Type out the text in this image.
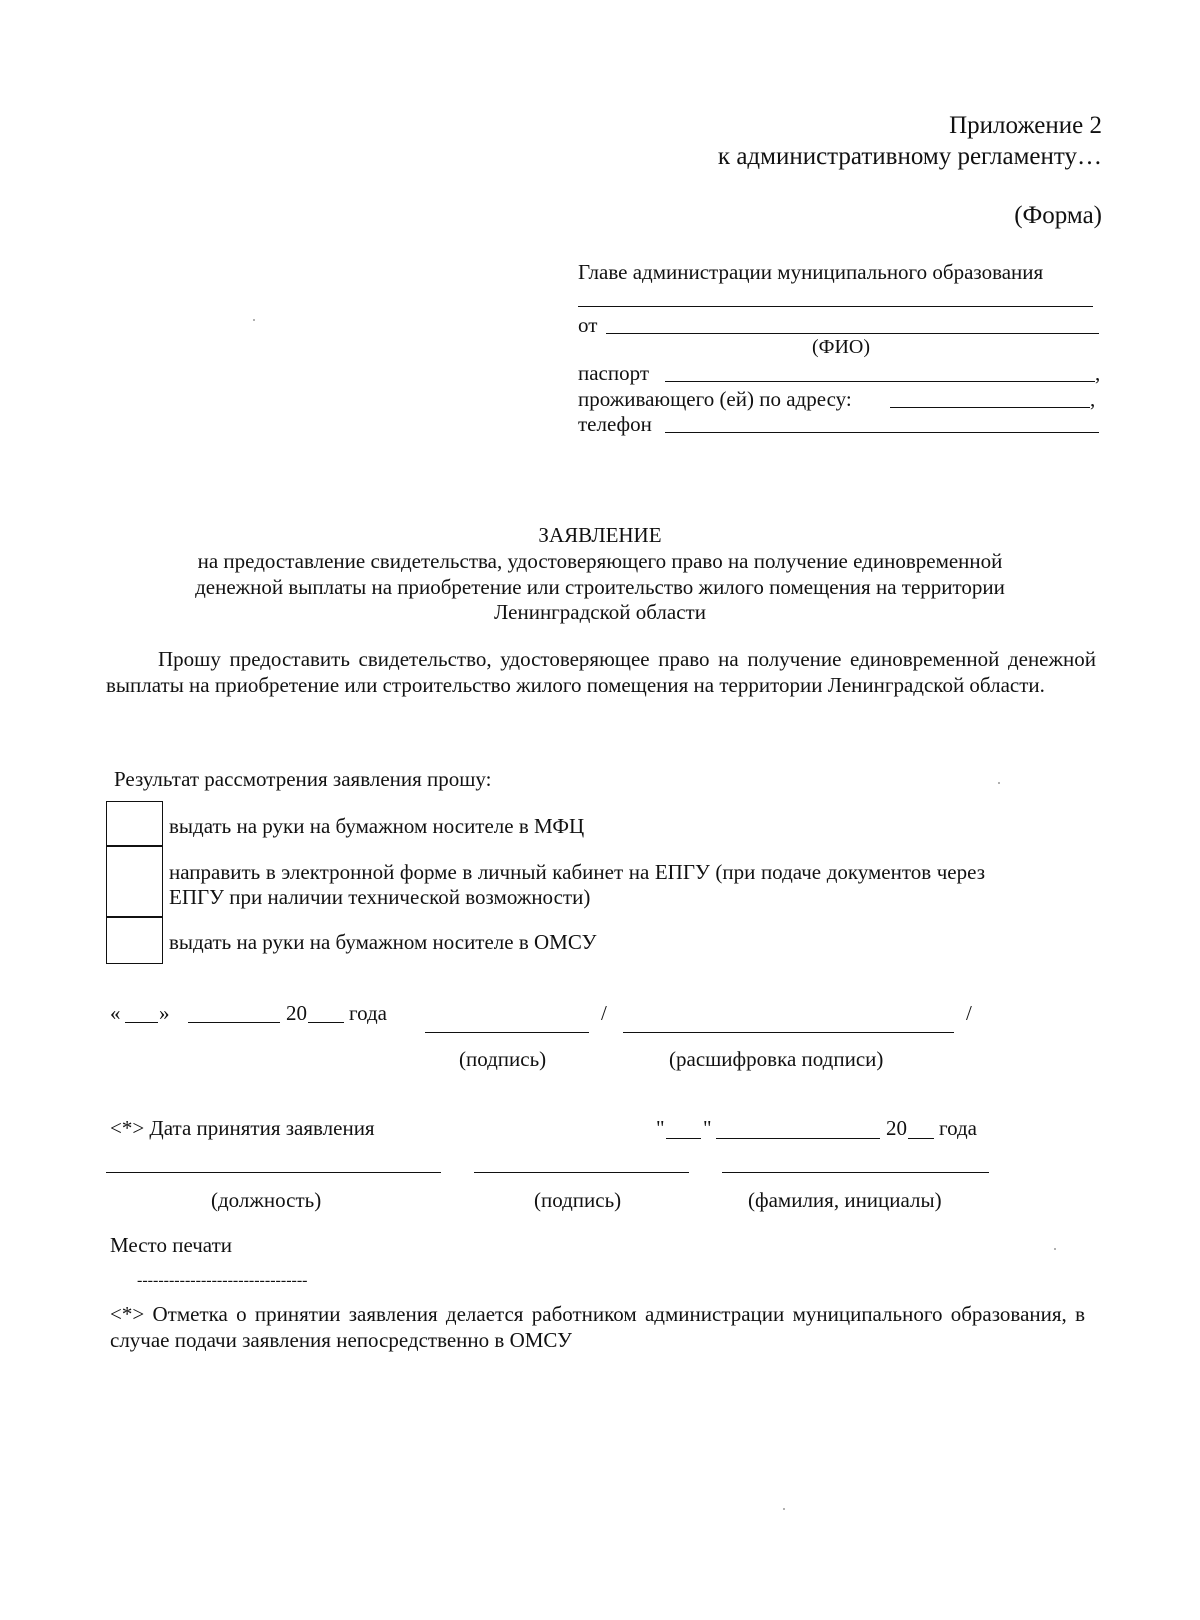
Приложение 2
к административному регламенту…
(Форма)
Главе администрации муниципального образования
от
(ФИО)
паспорт	,
проживающего (ей) по адресу:	,
телефон
ЗАЯВЛЕНИЕ
на предоставление свидетельства, удостоверяющего право на получение единовременной
денежной выплаты на приобретение или строительство жилого помещения на территории
Ленинградской области
Прошу предоставить свидетельство, удостоверяющее право на получение единовременной денежной выплаты на приобретение или строительство жилого помещения на территории Ленинградской области.
Результат рассмотрения заявления прошу:
выдать на руки на бумажном носителе в МФЦ
направить в электронной форме в личный кабинет на ЕПГУ (при подаче документов через ЕПГУ при наличии технической возможности)
выдать на руки на бумажном носителе в ОМСУ
« »	20 года	/	/
(подпись)	(расшифровка подписи)
<*> Дата принятия заявления	" "	20 года
(должность)	(подпись)	(фамилия, инициалы)
Место печати
--------------------------------
<*> Отметка о принятии заявления делается работником администрации муниципального образования, в случае подачи заявления непосредственно в ОМСУ
